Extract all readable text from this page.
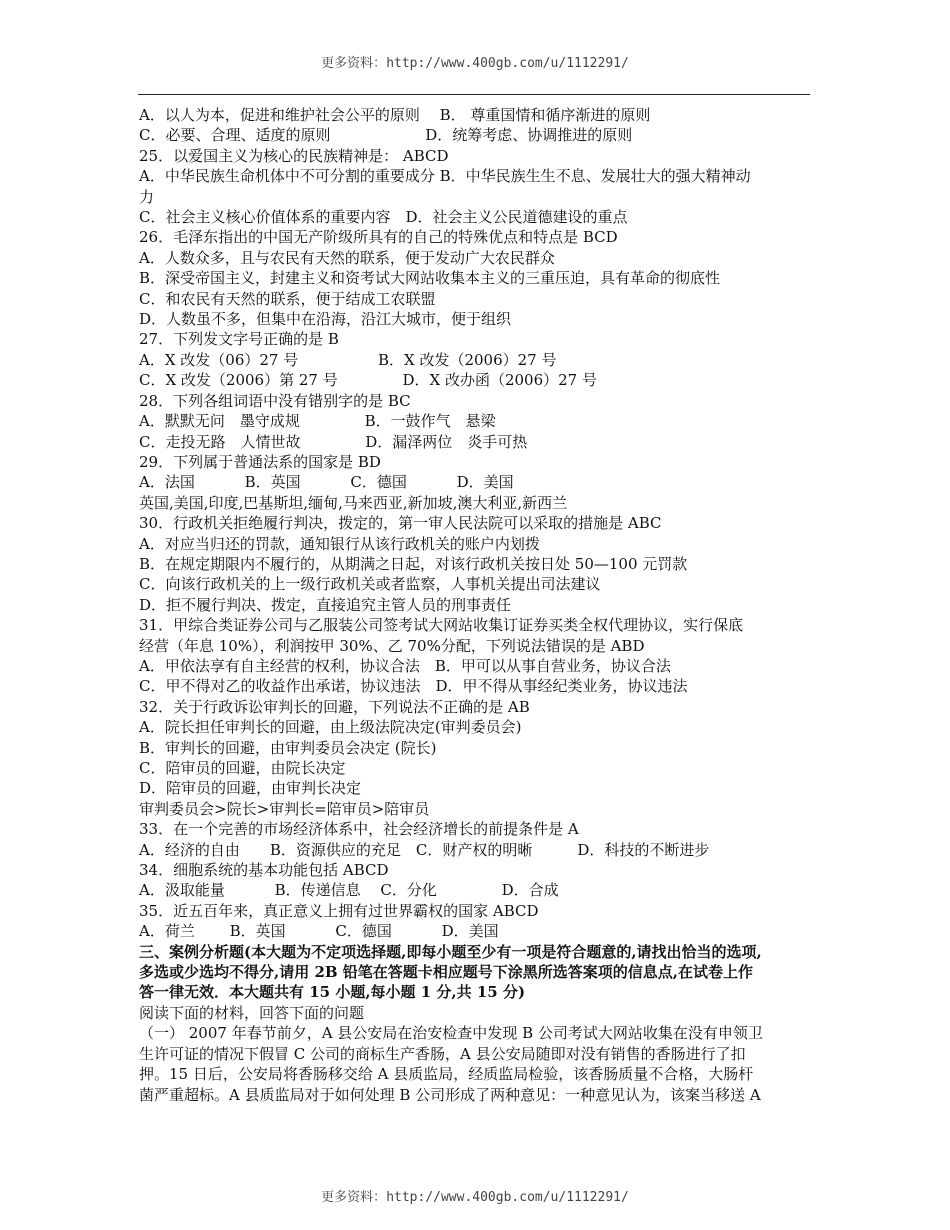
更多资料：http://www.400gb.com/u/1112291/
A．以人为本，促进和维护社会公平的原则　 B． 尊重国情和循序渐进的原则
C．必要、合理、适度的原则　　　　　　 D．统筹考虑、协调推进的原则
25．以爱国主义为核心的民族精神是： ABCD
A．中华民族生命机体中不可分割的重要成分 B．中华民族生生不息、发展壮大的强大精神动
力
C．社会主义核心价值体系的重要内容　D．社会主义公民道德建设的重点
26．毛泽东指出的中国无产阶级所具有的自己的特殊优点和特点是 BCD
A．人数众多，且与农民有天然的联系，便于发动广大农民群众
B．深受帝国主义，封建主义和资考试大网站收集本主义的三重压迫，具有革命的彻底性
C．和农民有天然的联系，便于结成工农联盟
D．人数虽不多，但集中在沿海，沿江大城市，便于组织
27．下列发文字号正确的是 B
A．X 改发（06）27 号　　　　　 B．X 改发（2006）27 号
C．X 改发（2006）第 27 号　　　　 D．X 改办函（2006）27 号
28．下列各组词语中没有错别字的是 BC
A．默默无问　墨守成规　　　　 B．一鼓作气　悬梁
C．走投无路　人情世故　　　　 D．漏泽两位　炎手可热
29．下列属于普通法系的国家是 BD
A．法国　　　 B．英国　　　 C．德国　　　 D．美国
英国,美国,印度,巴基斯坦,缅甸,马来西亚,新加坡,澳大利亚,新西兰
30．行政机关拒绝履行判决，拨定的，第一审人民法院可以采取的措施是 ABC
A．对应当归还的罚款，通知银行从该行政机关的账户内划拨
B．在规定期限内不履行的，从期满之日起，对该行政机关按日处 50—100 元罚款
C．向该行政机关的上一级行政机关或者监察，人事机关提出司法建议
D．拒不履行判决、拨定，直接追究主管人员的刑事责任
31．甲综合类证券公司与乙服装公司签考试大网站收集订证券买类全权代理协议，实行保底
经营（年息 10%），利润按甲 30%、乙 70%分配，下列说法错误的是 ABD
A．甲依法享有自主经营的权利，协议合法　B．甲可以从事自营业务，协议合法
C．甲不得对乙的收益作出承诺，协议违法　D．甲不得从事经纪类业务，协议违法
32．关于行政诉讼审判长的回避，下列说法不正确的是 AB
A．院长担任审判长的回避，由上级法院决定(审判委员会)
B．审判长的回避，由审判委员会决定 (院长)
C．陪审员的回避，由院长决定
D．陪审员的回避，由审判长决定
审判委员会>院长>审判长=陪审员>陪审员
33．在一个完善的市场经济体系中，社会经济增长的前提条件是 A
A．经济的自由　　B．资源供应的充足　C．财产权的明晰　　　D．科技的不断进步
34．细胞系统的基本功能包括 ABCD
A．汲取能量　　　 B．传递信息　 C．分化　　　　 D．合成
35．近五百年来，真正意义上拥有过世界霸权的国家 ABCD
A．荷兰　　 B．英国　　　 C．德国　　　 D．美国
三、案例分析题(本大题为不定项选择题,即每小题至少有一项是符合题意的,请找出恰当的选项,
多选或少选均不得分,请用 2B 铅笔在答题卡相应题号下涂黑所选答案项的信息点,在试卷上作
答一律无效．本大题共有 15 小题,每小题 1 分,共 15 分)
阅读下面的材料，回答下面的问题
（一） 2007 年春节前夕，A 县公安局在治安检查中发现 B 公司考试大网站收集在没有申领卫
生许可证的情况下假冒 C 公司的商标生产香肠，A 县公安局随即对没有销售的香肠进行了扣
押。15 日后，公安局将香肠移交给 A 县质监局，经质监局检验，该香肠质量不合格，大肠杆
菌严重超标。A 县质监局对于如何处理 B 公司形成了两种意见：一种意见认为，该案当移送 A
更多资料：http://www.400gb.com/u/1112291/
